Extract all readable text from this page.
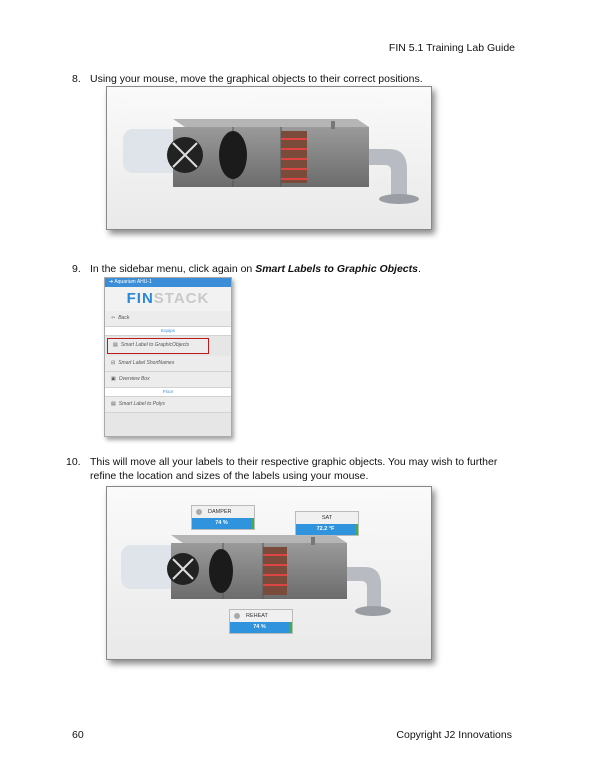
FIN 5.1 Training Lab Guide
8. Using your mouse, move the graphical objects to their correct positions.
9. In the sidebar menu, click again on Smart Labels to Graphic Objects.
➔ Aquarium AHU-1
FINSTACK
⇦ Back
Equips
▤ Smart Label to GraphicObjects
⊟ Smart Label ShortNames
▣ Overview Box
Floor
▤ Smart Label to Polys
10. This will move all your labels to their respective graphic objects. You may wish to further refine the location and sizes of the labels using your mouse.
DAMPER
74 %
SAT
72.2 °F
REHEAT
74 %
60	Copyright J2 Innovations
